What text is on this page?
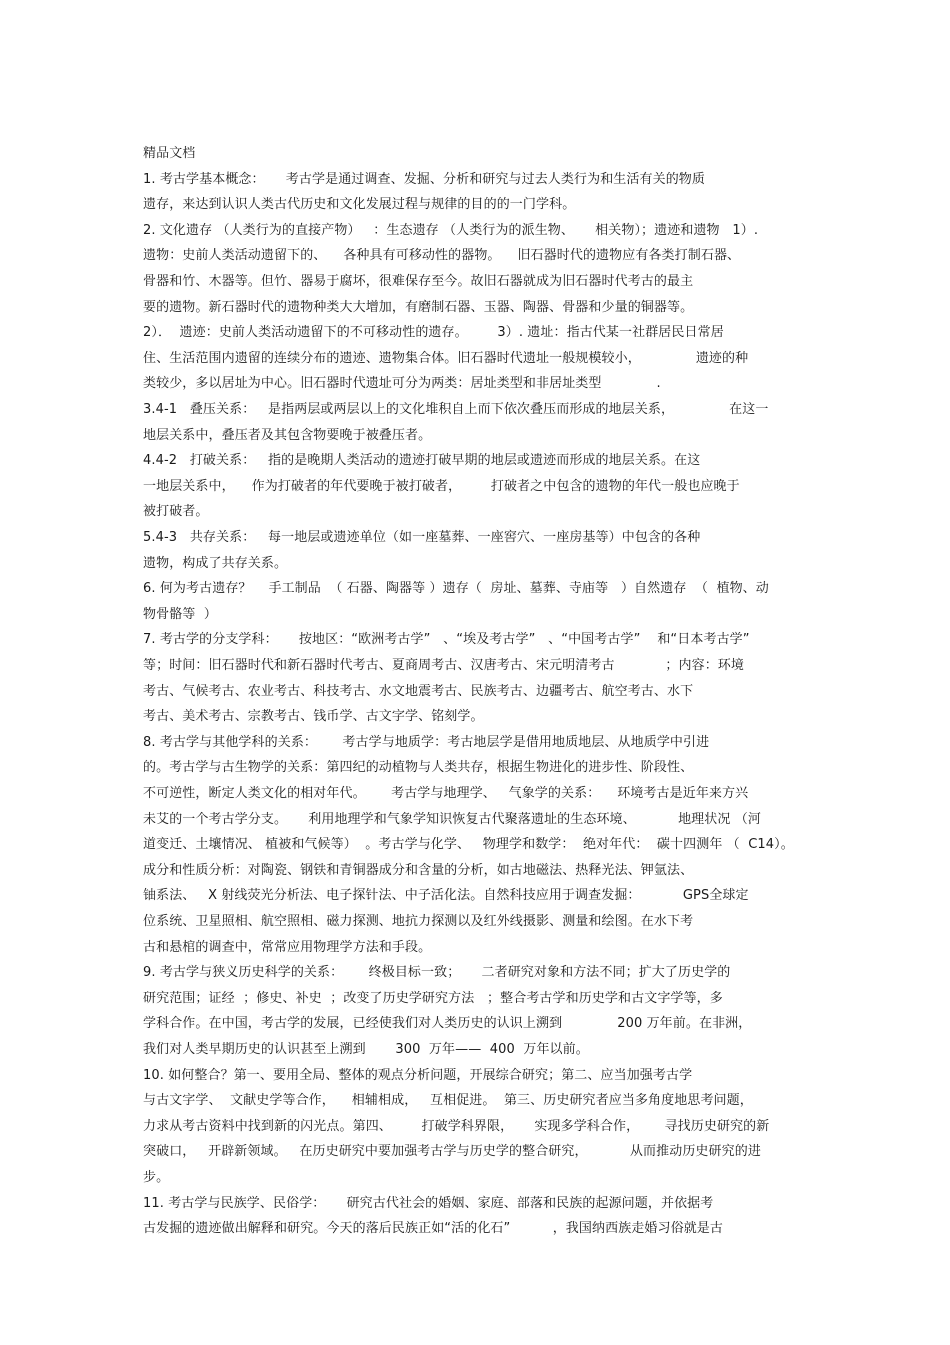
精品文档
1. 考古学基本概念：     考古学是通过调查、发掘、分析和研究与过去人类行为和生活有关的物质
遗存，来达到认识人类古代历史和文化发展过程与规律的目的的一门学科。
2. 文化遗存 （人类行为的直接产物）   ：生态遗存 （人类行为的派生物、     相关物）；遗迹和遗物   1）.
遗物：史前人类活动遗留下的、    各种具有可移动性的器物。    旧石器时代的遗物应有各类打制石器、
骨器和竹、木器等。但竹、器易于腐坏，很难保存至今。故旧石器就成为旧石器时代考古的最主
要的遗物。新石器时代的遗物种类大大增加，有磨制石器、玉器、陶器、骨器和少量的铜器等。
2）．  遗迹：史前人类活动遗留下的不可移动性的遗存。       3）. 遗址：指古代某一社群居民日常居
住、生活范围内遗留的连续分布的遗迹、遗物集合体。旧石器时代遗址一般规模较小，             遗迹的种
类较少，多以居址为中心。旧石器时代遗址可分为两类：居址类型和非居址类型             .
3.4-1   叠压关系：   是指两层或两层以上的文化堆积自上而下依次叠压而形成的地层关系，             在这一
地层关系中，叠压者及其包含物要晚于被叠压者。
4.4-2   打破关系：   指的是晚期人类活动的遗迹打破早期的地层或遗迹而形成的地层关系。在这
一地层关系中，    作为打破者的年代要晚于被打破者，       打破者之中包含的遗物的年代一般也应晚于
被打破者。
5.4-3   共存关系：   每一地层或遗迹单位（如一座墓葬、一座窖穴、一座房基等）中包含的各种
遗物，构成了共存关系。
6. 何为考古遗存？    手工制品  （ 石器、陶器等 ）遗存（  房址、墓葬、寺庙等   ）自然遗存  （  植物、动
物骨骼等  ）
7. 考古学的分支学科：     按地区：“欧洲考古学”   、“埃及考古学”   、“中国考古学”    和“日本考古学”
等；时间：旧石器时代和新石器时代考古、夏商周考古、汉唐考古、宋元明清考古            ；内容：环境
考古、气候考古、农业考古、科技考古、水文地震考古、民族考古、边疆考古、航空考古、水下
考古、美术考古、宗教考古、钱币学、古文字学、铭刻学。
8. 考古学与其他学科的关系：      考古学与地质学：考古地层学是借用地质地层、从地质学中引进
的。考古学与古生物学的关系：第四纪的动植物与人类共存，根据生物进化的进步性、阶段性、
不可逆性，断定人类文化的相对年代。      考古学与地理学、   气象学的关系：    环境考古是近年来方兴
未艾的一个考古学分支。     利用地理学和气象学知识恢复古代聚落遗址的生态环境、          地理状况 （河
道变迁、土壤情况、 植被和气候等）  。考古学与化学、   物理学和数学：  绝对年代：  碳十四测年 （  C14）。
成分和性质分析：对陶瓷、钢铁和青铜器成分和含量的分析，如古地磁法、热释光法、钾氩法、
铀系法、   X 射线荧光分析法、电子探针法、中子活化法。自然科技应用于调查发掘：          GPS全球定
位系统、卫星照相、航空照相、磁力探测、地抗力探测以及红外线摄影、测量和绘图。在水下考
古和悬棺的调查中，常常应用物理学方法和手段。
9. 考古学与狭义历史科学的关系：      终极目标一致；     二者研究对象和方法不同；扩大了历史学的
研究范围；证经  ；修史、补史  ；改变了历史学研究方法   ；整合考古学和历史学和古文字学等，多
学科合作。在中国，考古学的发展，已经使我们对人类历史的认识上溯到             200 万年前。在非洲，
我们对人类早期历史的认识甚至上溯到       300  万年——  400  万年以前。
10. 如何整合？第一、要用全局、整体的观点分析问题，开展综合研究；第二、应当加强考古学
与古文字学、  文献史学等合作，    相辅相成，   互相促进。  第三、历史研究者应当多角度地思考问题，
力求从考古资料中找到新的闪光点。第四、       打破学科界限，     实现多学科合作，      寻找历史研究的新
突破口，   开辟新领域。   在历史研究中要加强考古学与历史学的整合研究，          从而推动历史研究的进
步。
11. 考古学与民族学、民俗学：     研究古代社会的婚姻、家庭、部落和民族的起源问题，并依据考
古发掘的遗迹做出解释和研究。今天的落后民族正如“活的化石”          ，我国纳西族走婚习俗就是古
